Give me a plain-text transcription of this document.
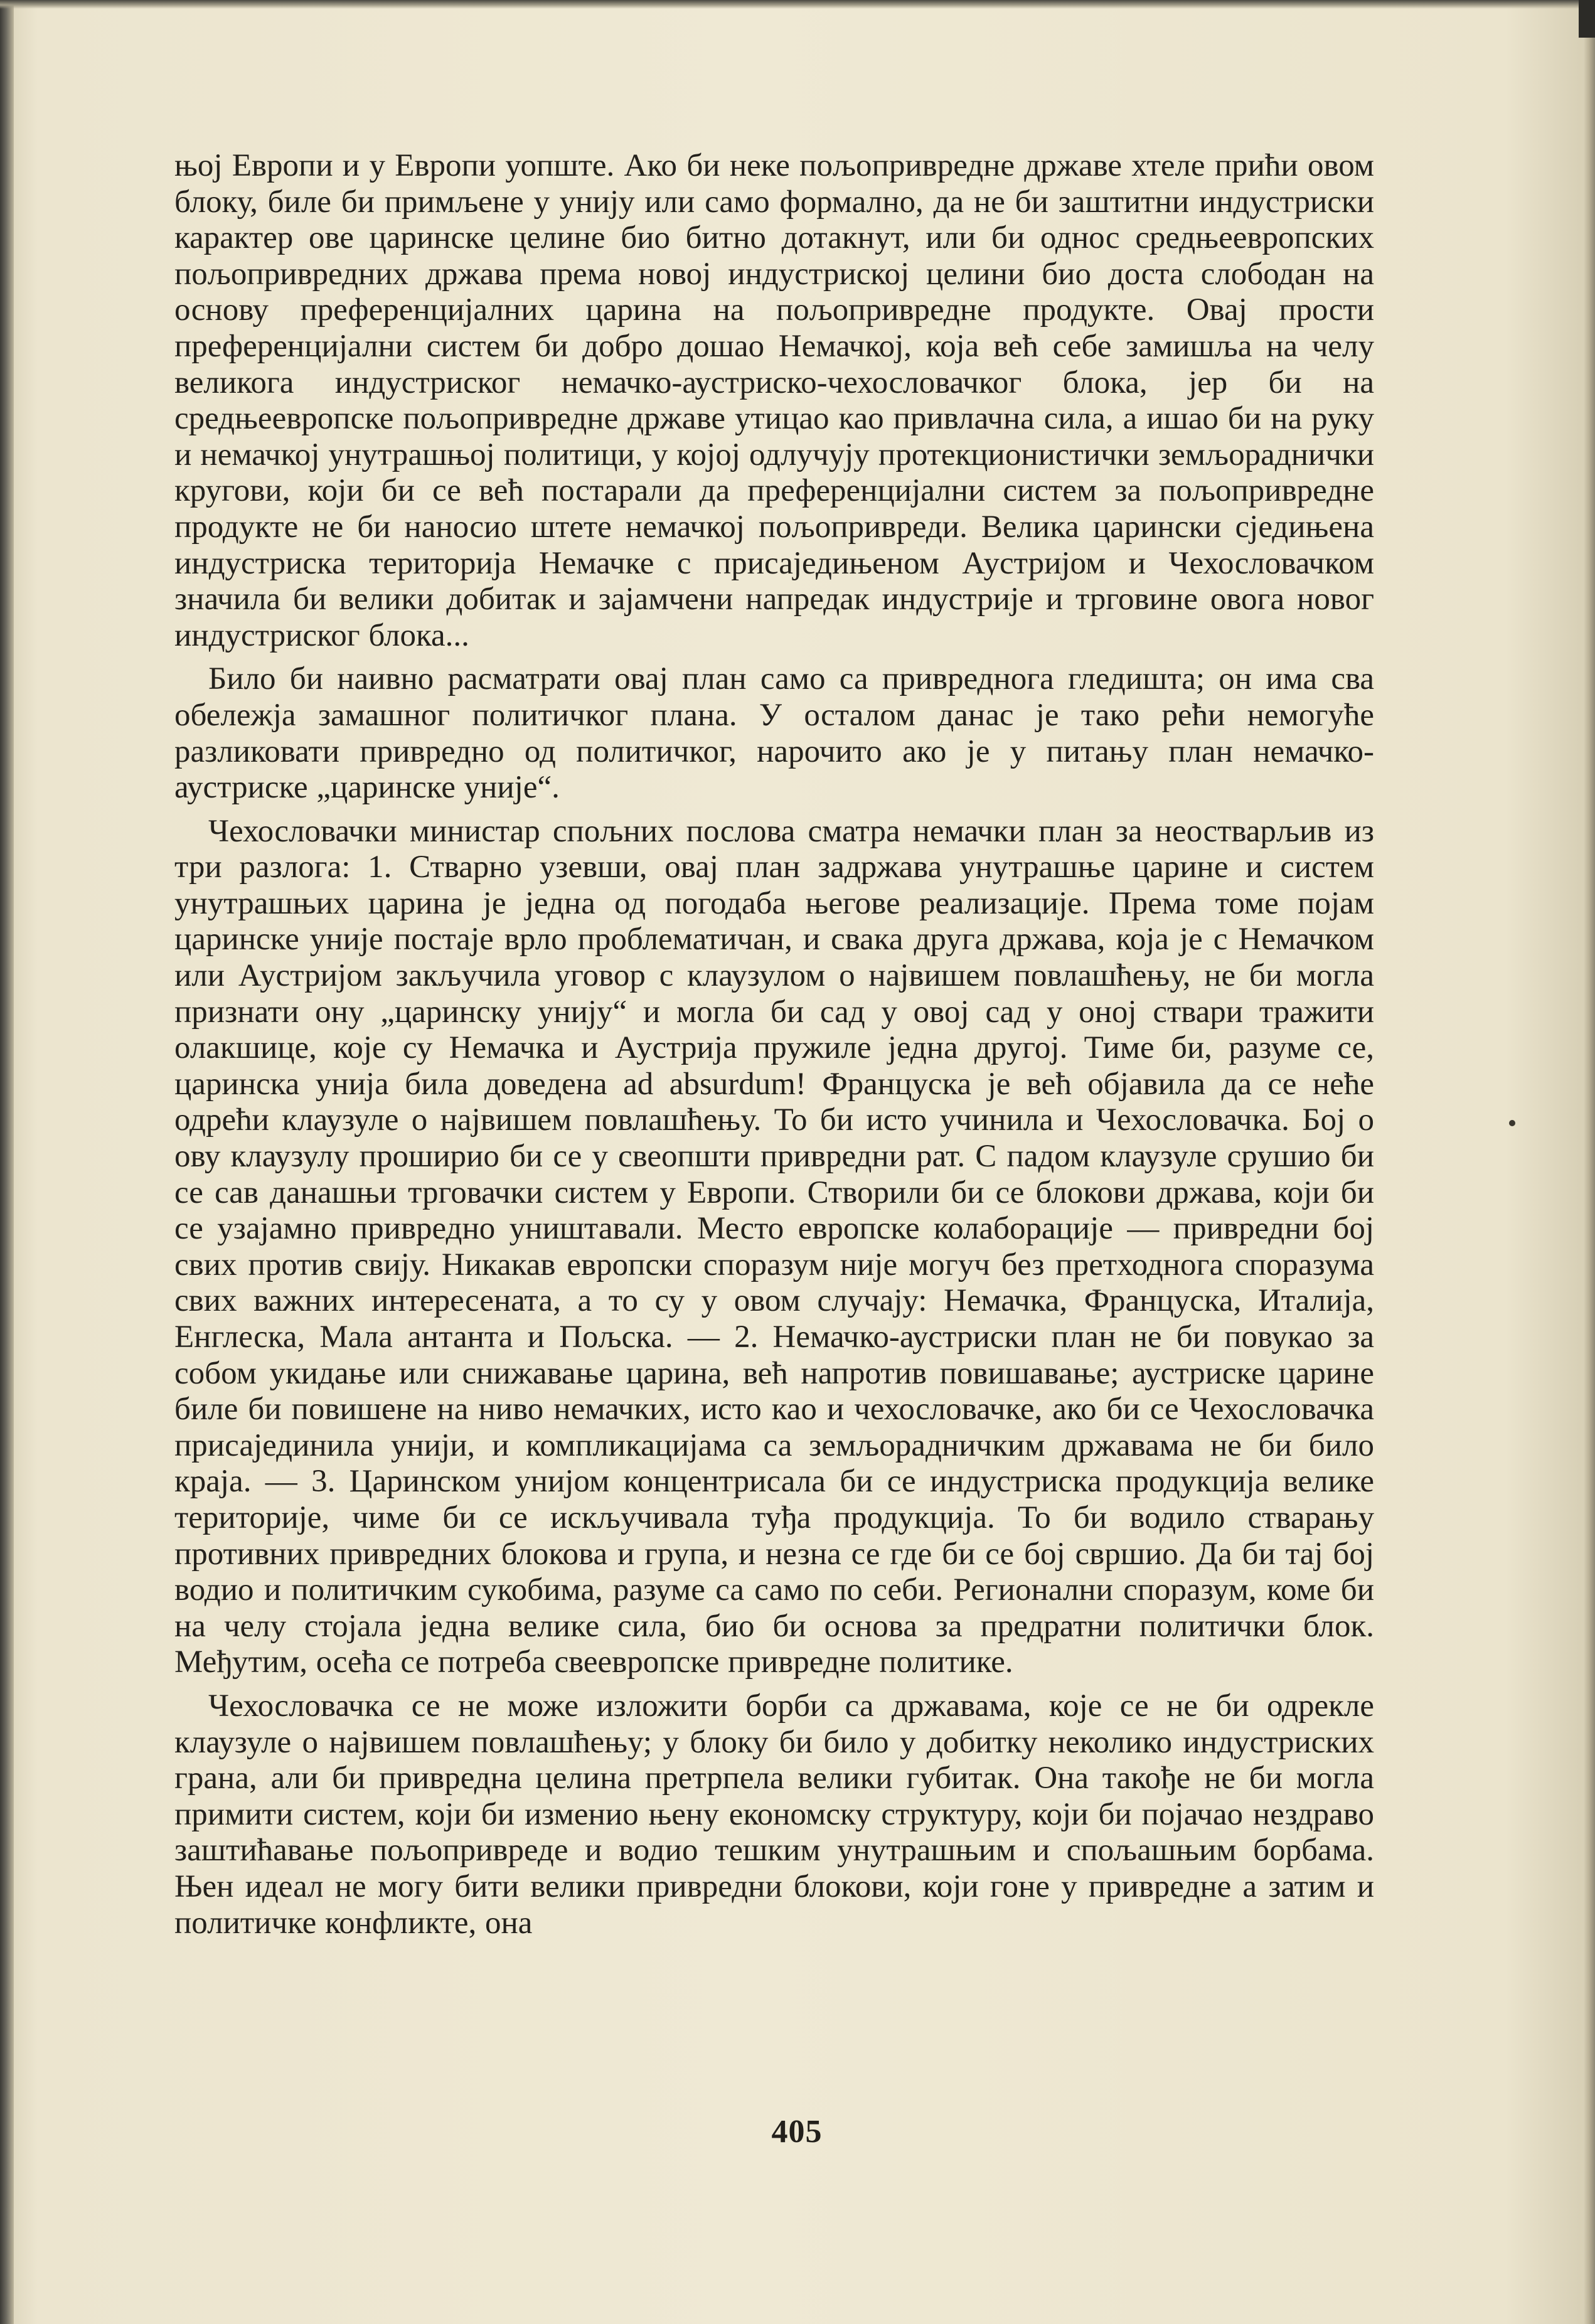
њој Европи и у Европи уопште. Ако би неке пољопривредне државе хтеле прићи овом блоку, биле би примљене у унију или само формално, да не би заштитни индустриски карактер ове царинске целине био битно дотакнут, или би однос средњеевропских пољопривредних држава према новој индустриској целини био доста слободан на основу преференцијалних царина на пољопривредне продукте. Овај прости преференцијални систем би добро дошао Немачкој, која већ себе замишља на челу великога индустриског немачко-аустриско-чехословачког блока, јер би на средњеевропске пољопривредне државе утицао као привлачна сила, а ишао би на руку и немачкој унутрашњој политици, у којој одлучују протекционистички земљораднички кругови, који би се већ постарали да преференцијални систем за пољопривредне продукте не би наносио штете немачкој пољопривреди. Велика царински сједињена индустриска територија Немачке с присаједињеном Аустријом и Чехословачком значила би велики добитак и зајамчени напредак индустрије и трговине овога новог индустриског блока...

Било би наивно расматрати овај план само са привреднога гледишта; он има сва обележја замашног политичког плана. У осталом данас је тако рећи немогуће разликовати привредно од политичког, нарочито ако је у питању план немачко-аустриске „царинске уније“.

Чехословачки министар спољних послова сматра немачки план за неостварљив из три разлога: 1. Стварно узевши, овај план задржава унутрашње царине и систем унутрашњих царина је једна од погодаба његове реализације. Према томе појам царинске уније постаје врло проблематичан, и свака друга држава, која је с Немачком или Аустријом закључила уговор с клаузулом о највишем повлашћењу, не би могла признати ону „царинску унију“ и могла би сад у овој сад у оној ствари тражити олакшице, које су Немачка и Аустрија пружиле једна другој. Тиме би, разуме се, царинска унија била доведена ad absurdum! Француска је већ објавила да се неће одрећи клаузуле о највишем повлашћењу. То би исто учинила и Чехословачка. Бој о ову клаузулу проширио би се у свеопшти привредни рат. С падом клаузуле срушио би се сав данашњи трговачки систем у Европи. Створили би се блокови држава, који би се узајамно привредно уништавали. Место европске колаборације — привредни бој свих против свију. Никакав европски споразум није могуч без претходнога споразума свих важних интересената, а то су у овом случају: Немачка, Француска, Италија, Енглеска, Мала антанта и Пољска. — 2. Немачко-аустриски план не би повукао за собом укидање или снижавање царина, већ напротив повишавање; аустриске царине биле би повишене на ниво немачких, исто као и чехословачке, ако би се Чехословачка присајединила унији, и компликацијама са земљорадничким државама не би било краја. — 3. Царинском унијом концентрисала би се индустриска продукција велике територије, чиме би се искључивала туђа продукција. То би водило стварању противних привредних блокова и група, и незна се где би се бој свршио. Да би тај бој водио и политичким сукобима, разуме са само по себи. Регионални споразум, коме би на челу стојала једна велике сила, био би основа за предратни политички блок. Међутим, осећа се потреба свеевропске привредне политике.

Чехословачка се не може изложити борби са државама, које се не би одрекле клаузуле о највишем повлашћењу; у блоку би било у добитку неколико индустриских грана, али би привредна целина претрпела велики губитак. Она такође не би могла примити систем, који би изменио њену економску структуру, који би појачао нездраво заштићавање пољопривреде и водио тешким унутрашњим и спољашњим борбама. Њен идеал не могу бити велики привредни блокови, који гоне у привредне а затим и политичке конфликте, она

405
